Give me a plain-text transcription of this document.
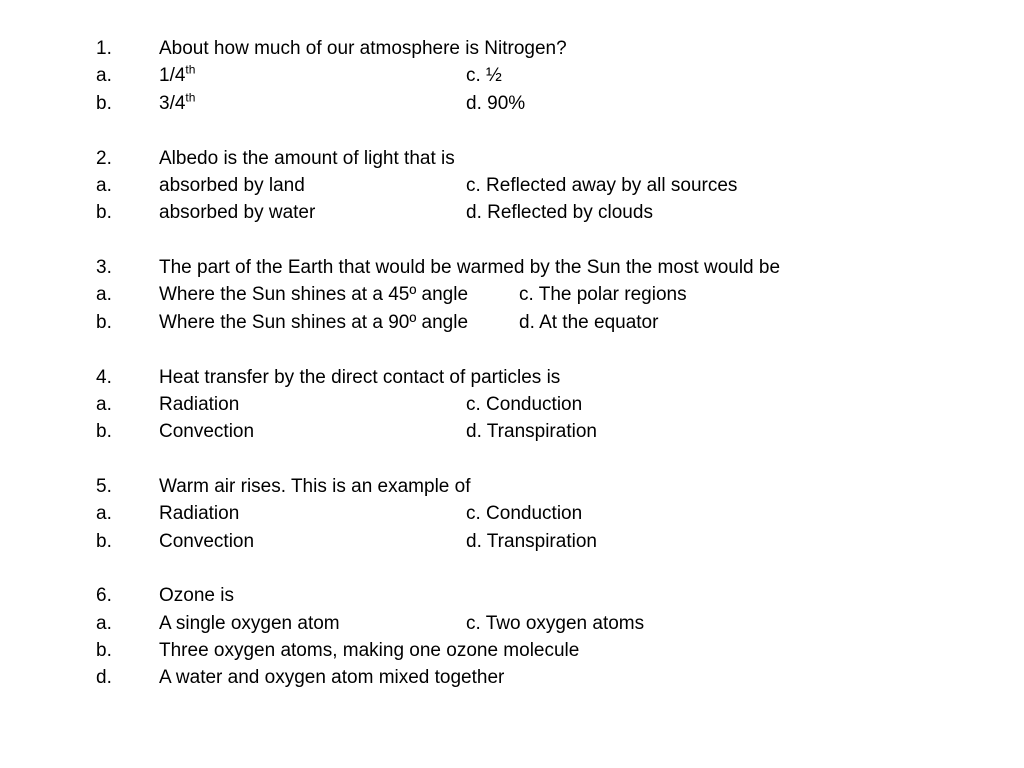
1. About how much of our atmosphere is Nitrogen?
a. 1/4th	c. ½
b. 3/4th	d. 90%
2. Albedo is the amount of light that is
a. absorbed by land	c. Reflected away by all sources
b. absorbed by water	d. Reflected by clouds
3. The part of the Earth that would be warmed by the Sun the most would be
a. Where the Sun shines at a 45º angle	c. The polar regions
b. Where the Sun shines at a 90º angle	d. At the equator
4. Heat transfer by the direct contact of particles is
a. Radiation	c. Conduction
b. Convection	d. Transpiration
5. Warm air rises. This is an example of
a. Radiation	c. Conduction
b. Convection	d. Transpiration
6. Ozone is
a. A single oxygen atom	c. Two oxygen atoms
b. Three oxygen atoms, making one ozone molecule
d. A water and oxygen atom mixed together
